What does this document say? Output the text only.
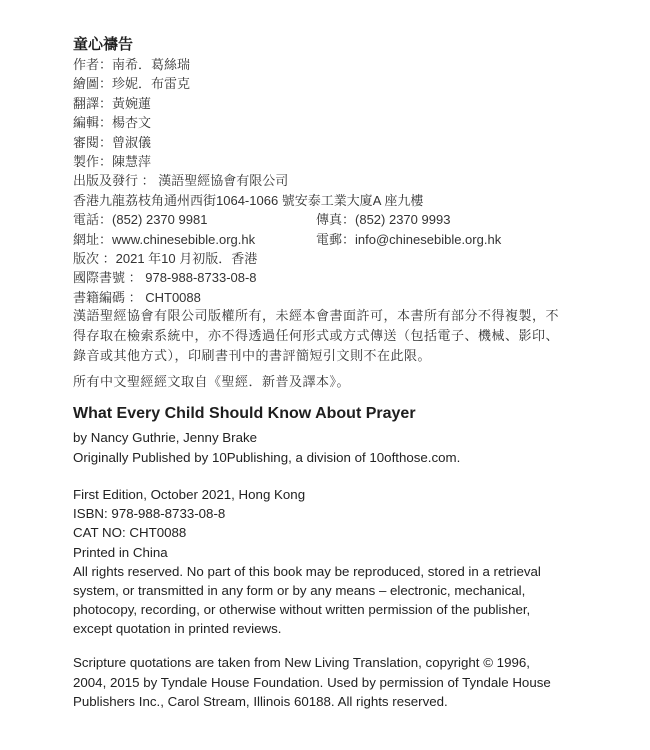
童心禱告
作者：南希．葛絲瑞
繪圖：珍妮．布雷克
翻譯：黃婉蓮
編輯：楊杏文
審閱：曾淑儀
製作：陳慧萍
出版及發行 ： 漢語聖經協會有限公司
香港九龍荔枝角通州西街1064-1066 號安泰工業大廈A 座九樓
電話：(852) 2370 9981	傳真：(852) 2370 9993
網址：www.chinesebible.org.hk	電郵：info@chinesebible.org.hk
版次 ：2021 年10 月初版．香港
國際書號 ： 978-988-8733-08-8
書籍編碼 ： CHT0088
漢語聖經協會有限公司版權所有，未經本會書面許可，本書所有部分不得複製，不
得存取在檢索系統中，亦不得透過任何形式或方式傳送（包括電子、機械、影印、
錄音或其他方式），印刷書刊中的書評簡短引文則不在此限。
所有中文聖經經文取自《聖經．新普及譯本》。
What Every Child Should Know About Prayer
by Nancy Guthrie, Jenny Brake
Originally Published by 10Publishing, a division of 10ofthose.com.
First Edition, October 2021, Hong Kong
ISBN: 978-988-8733-08-8
CAT NO: CHT0088
Printed in China
All rights reserved. No part of this book may be reproduced, stored in a retrieval
system, or transmitted in any form or by any means – electronic, mechanical,
photocopy, recording, or otherwise without written permission of the publisher,
except quotation in printed reviews.
Scripture quotations are taken from New Living Translation, copyright © 1996,
2004, 2015 by Tyndale House Foundation. Used by permission of Tyndale House
Publishers Inc., Carol Stream, Illinois 60188. All rights reserved.
